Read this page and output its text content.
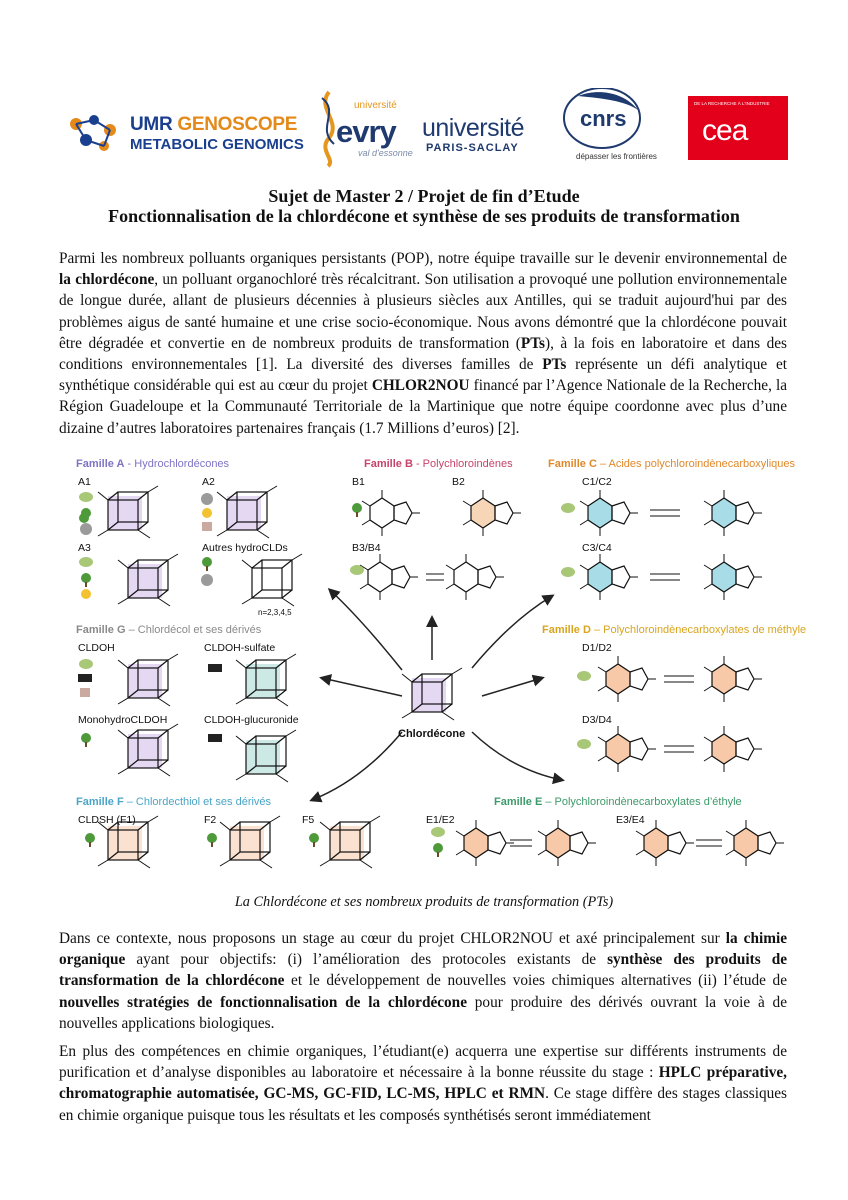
UMR GENOSCOPE
METABOLIC GENOMICS
université
evry
val d'essonne
université
PARIS-SACLAY
cnrs
dépasser les frontières
DE LA RECHERCHE À L'INDUSTRIE
cea
Sujet de Master 2 / Projet de fin d’Etude
Fonctionnalisation de la chlordécone et synthèse de ses produits de transformation

Parmi les nombreux polluants organiques persistants (POP), notre équipe travaille sur le devenir environnemental de la chlordécone, un polluant organochloré très récalcitrant. Son utilisation a provoqué une pollution environnementale de longue durée, allant de plusieurs décennies à plusieurs siècles aux Antilles, qui se traduit aujourd'hui par des problèmes aigus de santé humaine et une crise socio-économique. Nous avons démontré que la chlordécone pouvait être dégradée et convertie en de nombreux produits de transformation (PTs), à la fois en laboratoire et dans des conditions environnementales [1]. La diversité des diverses familles de PTs représente un défi analytique et synthétique considérable qui est au cœur du projet CHLOR2NOU financé par l’Agence Nationale de la Recherche, la Région Guadeloupe et la Communauté Territoriale de la Martinique que notre équipe coordonne avec plus d’une dizaine d’autres laboratoires partenaires français (1.7 Millions d’euros) [2].

Famille A - Hydrochlordécones	Famille B - Polychloroindènes	Famille C – Acides polychloroindènecarboxyliques
Famille G – Chlordécol et ses dérivés	Famille D – Polychloroindènecarboxylates de méthyle
Famille F – Chlordecthiol et ses dérivés	Famille E – Polychloroindènecarboxylates d’éthyle
A1	A2
A3	Autres hydroCLDs
n=2,3,4,5
B1	B2
B3/B4
C1/C2
C3/C4
CLDOH	CLDOH-sulfate
MonohydroCLDOH	CLDOH-glucuronide
Chlordécone
D1/D2
D3/D4
CLDSH (F1)	F2	F5	E1/E2	E3/E4
La Chlordécone et ses nombreux produits de transformation (PTs)

Dans ce contexte, nous proposons un stage au cœur du projet CHLOR2NOU et axé principalement sur la chimie organique ayant pour objectifs: (i) l’amélioration des protocoles existants de synthèse des produits de transformation de la chlordécone et le développement de nouvelles voies chimiques alternatives (ii) l’étude de nouvelles stratégies de fonctionnalisation de la chlordécone pour produire des dérivés ouvrant la voie à de nouvelles applications biologiques.

En plus des compétences en chimie organiques, l’étudiant(e) acquerra une expertise sur différents instruments de purification et d’analyse disponibles au laboratoire et nécessaire à la bonne réussite du stage : HPLC préparative, chromatographie automatisée, GC-MS, GC-FID, LC-MS, HPLC et RMN. Ce stage diffère des stages classiques en chimie organique puisque tous les résultats et les composés synthétisés seront immédiatement
